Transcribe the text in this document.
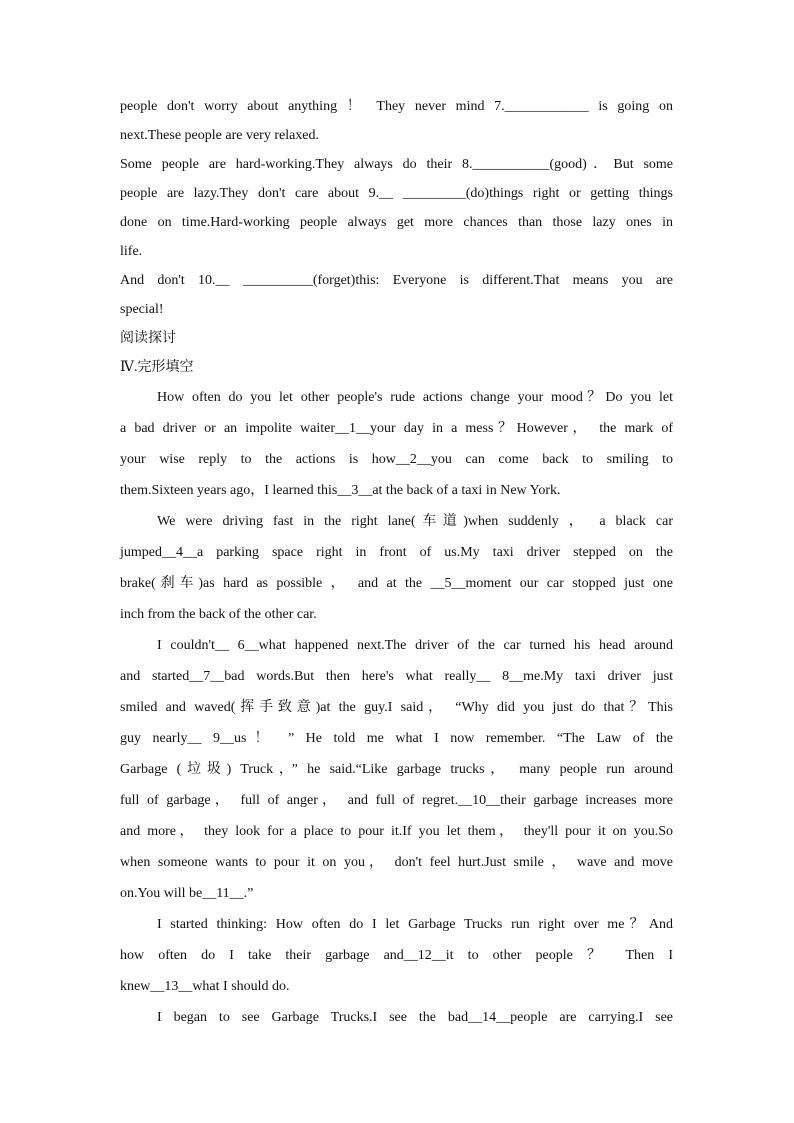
people don't worry about anything ！ They never mind 7.____________ is going on
next.These people are very relaxed.
Some people are hard-working.They always do their 8.___________(good)．But some
people are lazy.They don't care about 9.__ _________(do)things right or getting things
done on time.Hard-working people always get more chances than those lazy ones in
life.
And don't 10.__ __________(forget)this: Everyone is different.That means you are
special!
阅读探讨
Ⅳ.完形填空
How often do you let other people's rude actions change your mood？Do you let
a bad driver or an impolite waiter__1__your day in a mess？However， the mark of
your wise reply to the actions is how__2__you can come back to smiling to
them.Sixteen years ago，I learned this__3__at the back of a taxi in New York.
We were driving fast in the right lane(车道)when suddenly ， a black car
jumped__4__a parking space right in front of us.My taxi driver stepped on the
brake(刹车)as hard as possible ， and at the __5__moment our car stopped just one
inch from the back of the other car.
I couldn't__ 6__what happened next.The driver of the car turned his head around
and started__7__bad words.But then here's what really__ 8__me.My taxi driver just
smiled and waved(挥手致意)at the guy.I said， “Why did you just do that？This
guy nearly__ 9__us！ ” He told me what I now remember. “The Law of the
Garbage (垃圾) Truck，” he said.“Like garbage trucks， many people run around
full of garbage， full of anger， and full of regret.__10__their garbage increases more
and more， they look for a place to pour it.If you let them， they'll pour it on you.So
when someone wants to pour it on you， don't feel hurt.Just smile ， wave and move
on.You will be__11__.”
I started thinking: How often do I let Garbage Trucks run right over me？And
how often do I take their garbage and__12__it to other people ？ Then I
knew__13__what I should do.
I began to see Garbage Trucks.I see the bad__14__people are carrying.I see
